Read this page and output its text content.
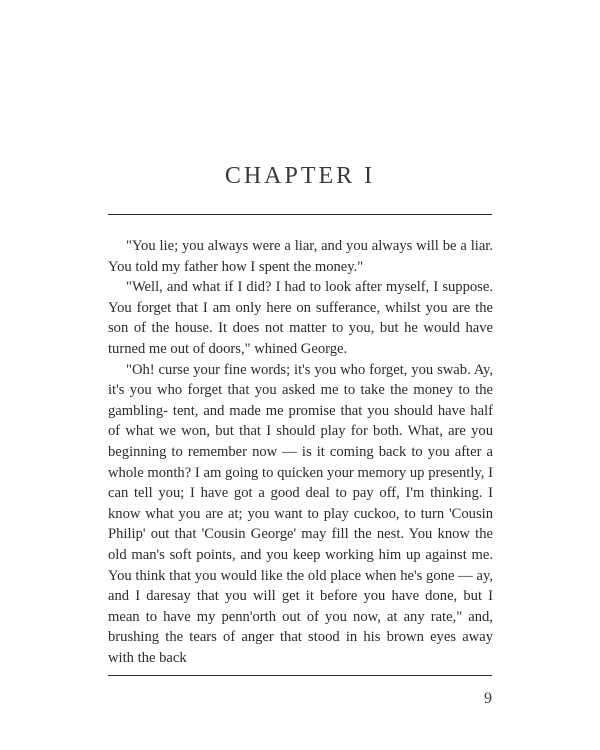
CHAPTER I

"You lie; you always were a liar, and you always will be a liar. You told my father how I spent the money."

"Well, and what if I did? I had to look after myself, I suppose. You forget that I am only here on sufferance, whilst you are the son of the house. It does not matter to you, but he would have turned me out of doors," whined George.

"Oh! curse your fine words; it's you who forget, you swab. Ay, it's you who forget that you asked me to take the money to the gambling- tent, and made me promise that you should have half of what we won, but that I should play for both. What, are you beginning to remember now — is it coming back to you after a whole month? I am going to quicken your memory up presently, I can tell you; I have got a good deal to pay off, I'm thinking. I know what you are at; you want to play cuckoo, to turn 'Cousin Philip' out that 'Cousin George' may fill the nest. You know the old man's soft points, and you keep working him up against me. You think that you would like the old place when he's gone — ay, and I daresay that you will get it before you have done, but I mean to have my penn'orth out of you now, at any rate," and, brushing the tears of anger that stood in his brown eyes away with the back

9
